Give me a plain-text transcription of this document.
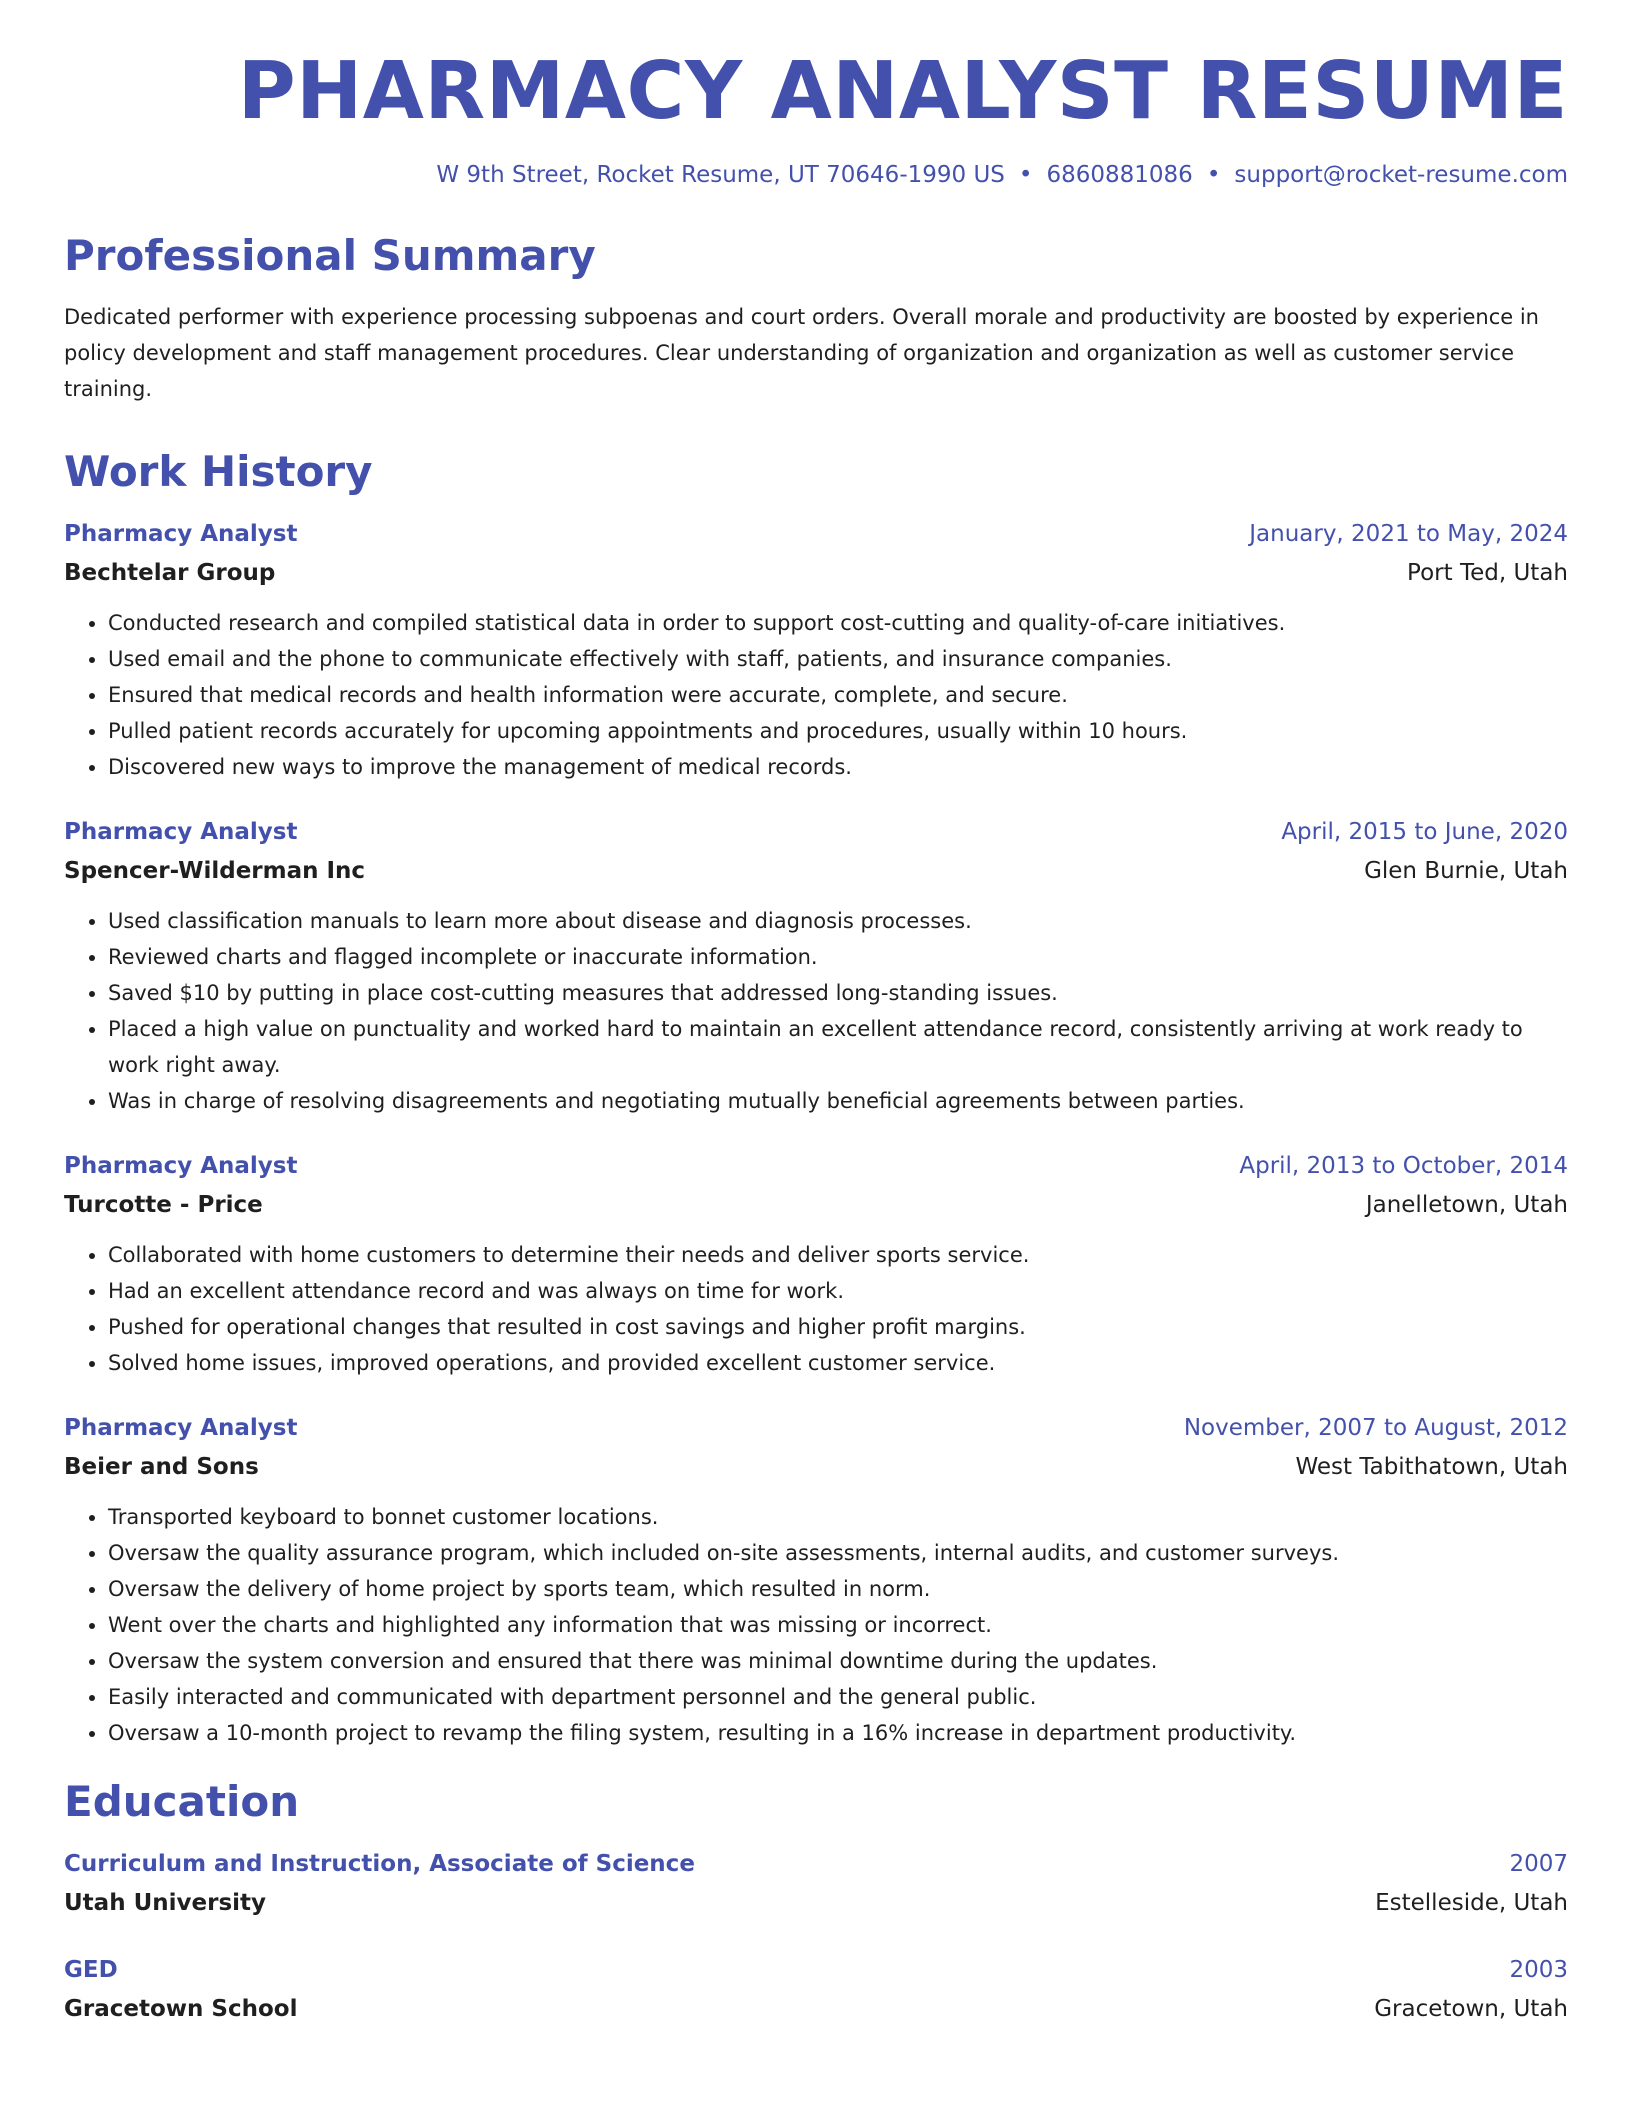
PHARMACY ANALYST RESUME
W 9th Street, Rocket Resume, UT 70646-1990 US • 6860881086 • support@rocket-resume.com
Professional Summary

Dedicated performer with experience processing subpoenas and court orders. Overall morale and productivity are boosted by experience in policy development and staff management procedures. Clear understanding of organization and organization as well as customer service training.

Work History
Pharmacy Analyst	January, 2021 to May, 2024
Bechtelar Group	Port Ted, Utah
• Conducted research and compiled statistical data in order to support cost-cutting and quality-of-care initiatives.
• Used email and the phone to communicate effectively with staff, patients, and insurance companies.
• Ensured that medical records and health information were accurate, complete, and secure.
• Pulled patient records accurately for upcoming appointments and procedures, usually within 10 hours.
• Discovered new ways to improve the management of medical records.
Pharmacy Analyst	April, 2015 to June, 2020
Spencer-Wilderman Inc	Glen Burnie, Utah
• Used classification manuals to learn more about disease and diagnosis processes.
• Reviewed charts and flagged incomplete or inaccurate information.
• Saved $10 by putting in place cost-cutting measures that addressed long-standing issues.
• Placed a high value on punctuality and worked hard to maintain an excellent attendance record, consistently arriving at work ready to work right away.
• Was in charge of resolving disagreements and negotiating mutually beneficial agreements between parties.
Pharmacy Analyst	April, 2013 to October, 2014
Turcotte - Price	Janelletown, Utah
• Collaborated with home customers to determine their needs and deliver sports service.
• Had an excellent attendance record and was always on time for work.
• Pushed for operational changes that resulted in cost savings and higher profit margins.
• Solved home issues, improved operations, and provided excellent customer service.
Pharmacy Analyst	November, 2007 to August, 2012
Beier and Sons	West Tabithatown, Utah
• Transported keyboard to bonnet customer locations.
• Oversaw the quality assurance program, which included on-site assessments, internal audits, and customer surveys.
• Oversaw the delivery of home project by sports team, which resulted in norm.
• Went over the charts and highlighted any information that was missing or incorrect.
• Oversaw the system conversion and ensured that there was minimal downtime during the updates.
• Easily interacted and communicated with department personnel and the general public.
• Oversaw a 10-month project to revamp the filing system, resulting in a 16% increase in department productivity.
Education
Curriculum and Instruction, Associate of Science	2007
Utah University	Estelleside, Utah
GED	2003
Gracetown School	Gracetown, Utah
